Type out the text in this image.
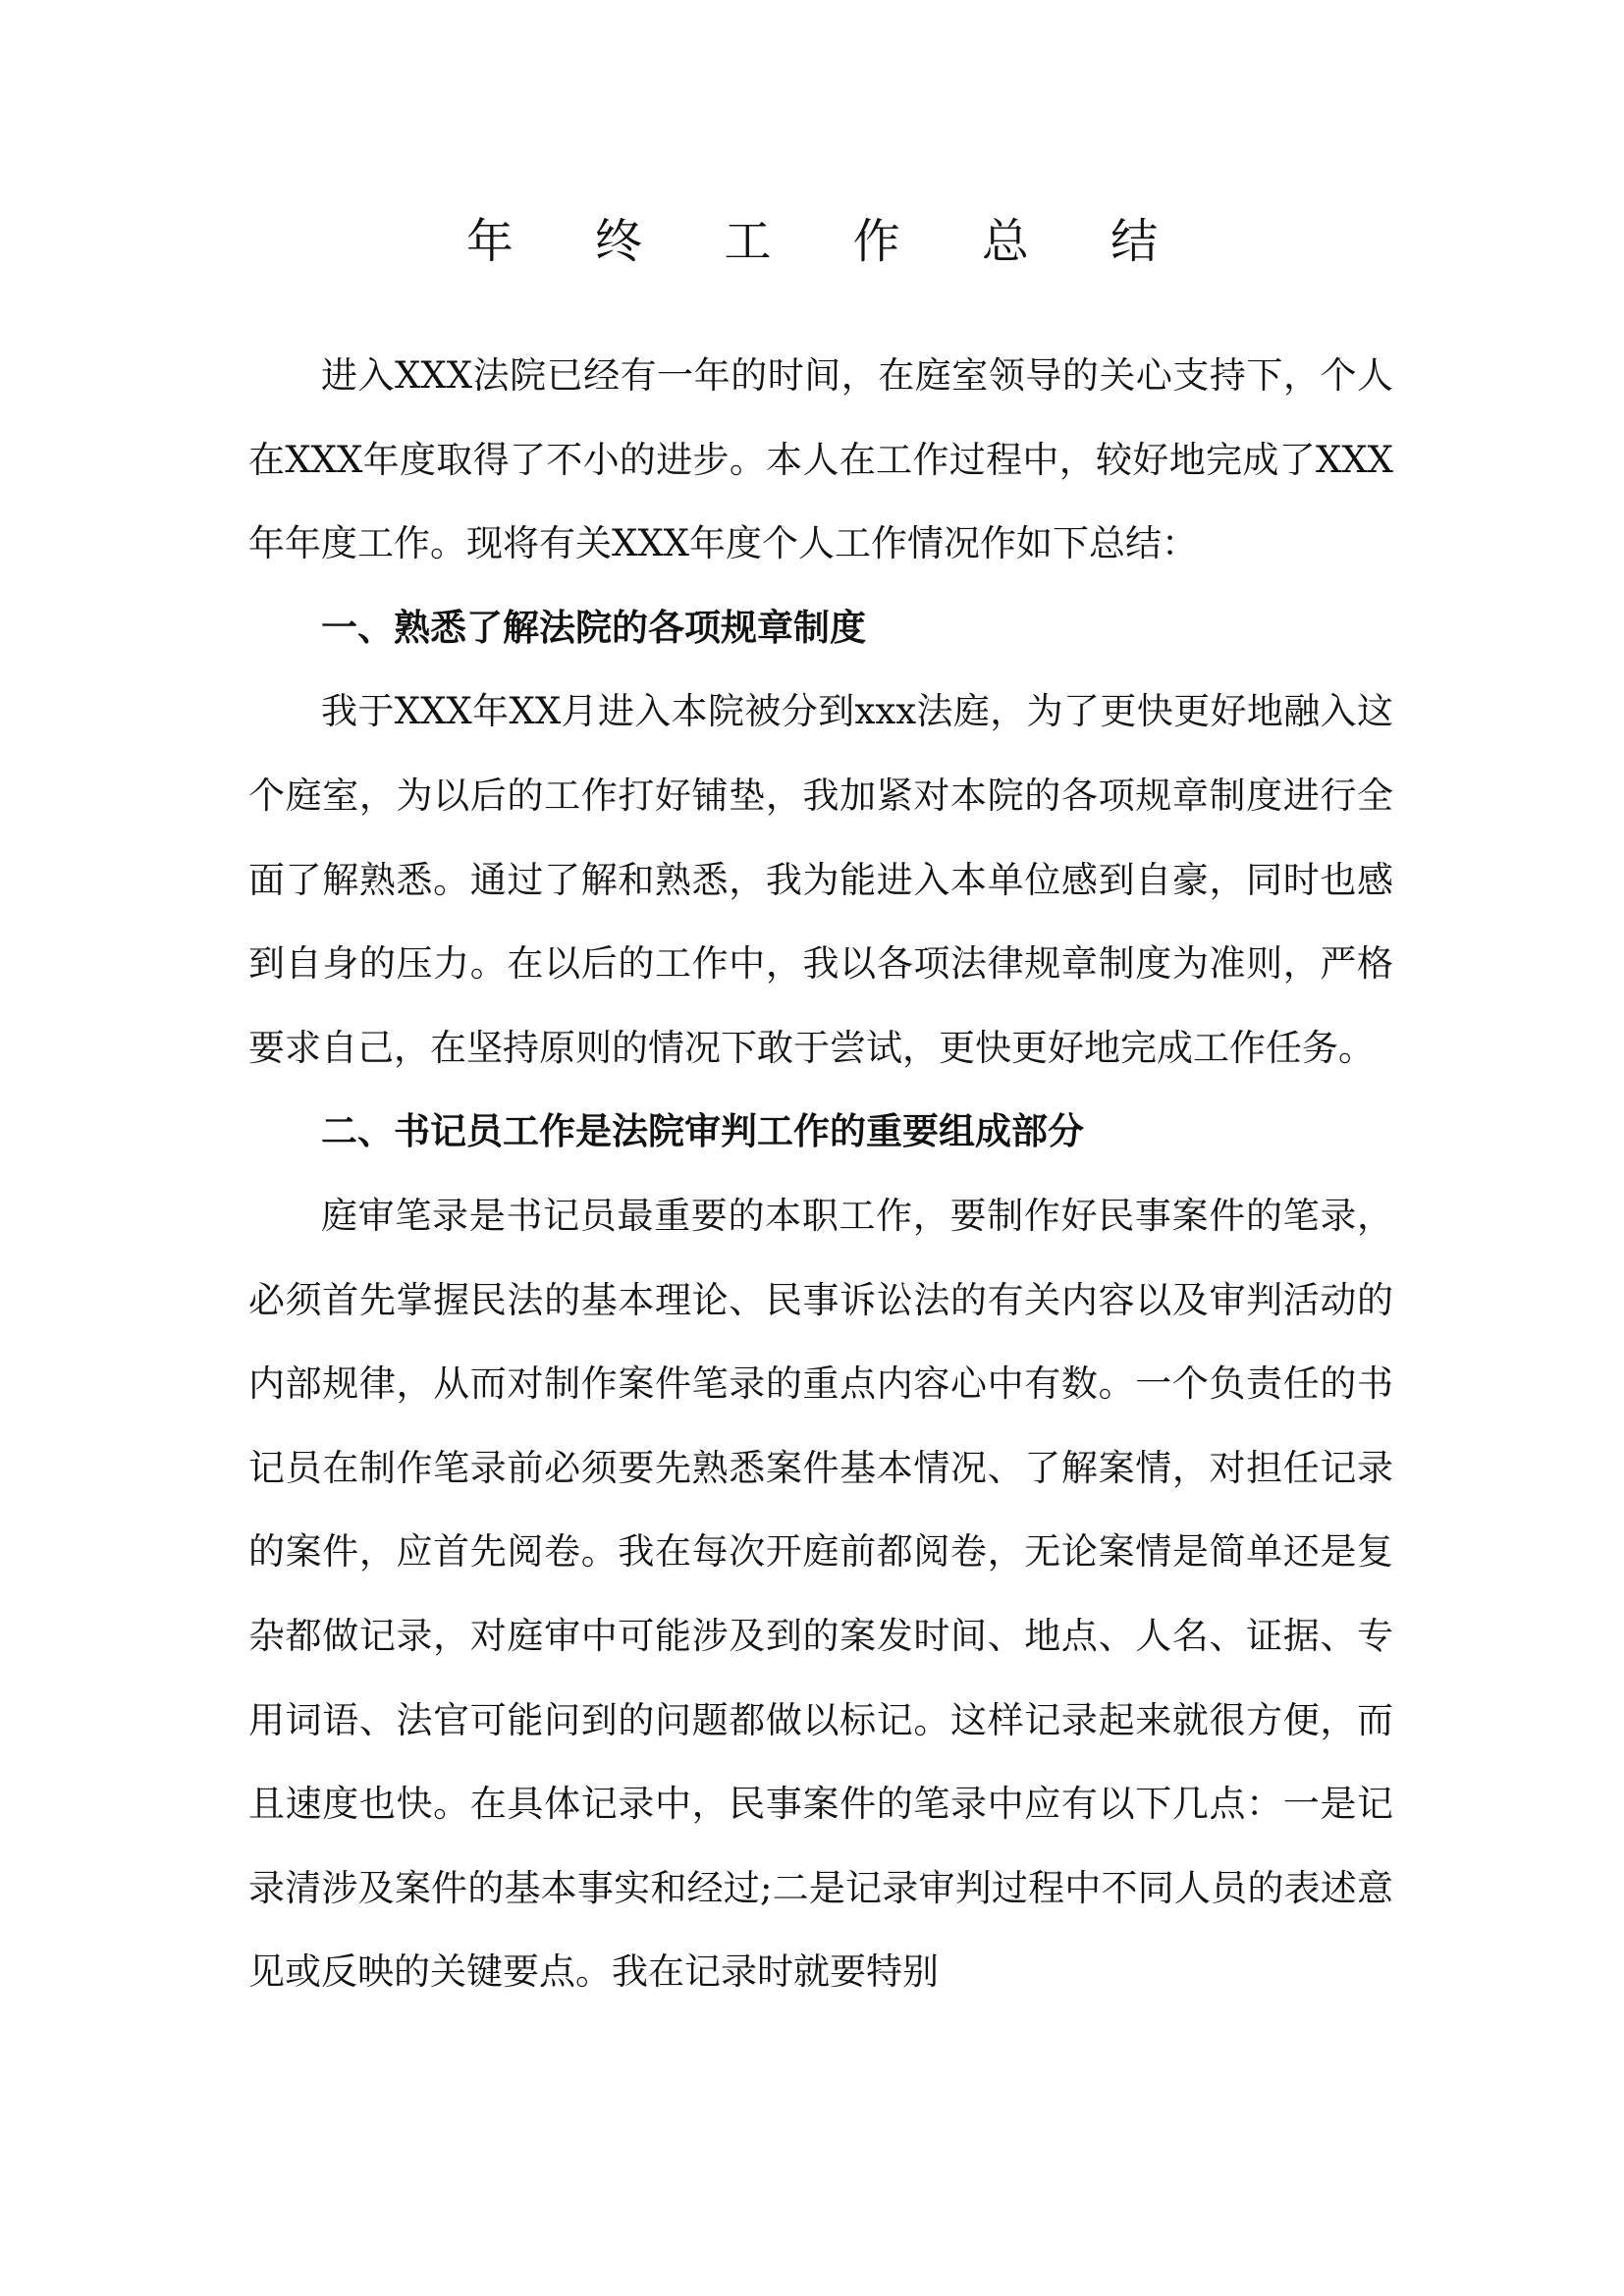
年 终 工 作 总 结

进入XXX法院已经有一年的时间，在庭室领导的关心支持下，个人在XXX年度取得了不小的进步。本人在工作过程中，较好地完成了XXX年年度工作。现将有关XXX年度个人工作情况作如下总结：

一、熟悉了解法院的各项规章制度

我于XXX年XX月进入本院被分到xxx法庭，为了更快更好地融入这个庭室，为以后的工作打好铺垫，我加紧对本院的各项规章制度进行全面了解熟悉。通过了解和熟悉，我为能进入本单位感到自豪，同时也感到自身的压力。在以后的工作中，我以各项法律规章制度为准则，严格要求自己，在坚持原则的情况下敢于尝试，更快更好地完成工作任务。

二、书记员工作是法院审判工作的重要组成部分

庭审笔录是书记员最重要的本职工作，要制作好民事案件的笔录，必须首先掌握民法的基本理论、民事诉讼法的有关内容以及审判活动的内部规律，从而对制作案件笔录的重点内容心中有数。一个负责任的书记员在制作笔录前必须要先熟悉案件基本情况、了解案情，对担任记录的案件，应首先阅卷。我在每次开庭前都阅卷，无论案情是简单还是复杂都做记录，对庭审中可能涉及到的案发时间、地点、人名、证据、专用词语、法官可能问到的问题都做以标记。这样记录起来就很方便，而且速度也快。在具体记录中，民事案件的笔录中应有以下几点：一是记录清涉及案件的基本事实和经过;二是记录审判过程中不同人员的表述意见或反映的关键要点。我在记录时就要特别
